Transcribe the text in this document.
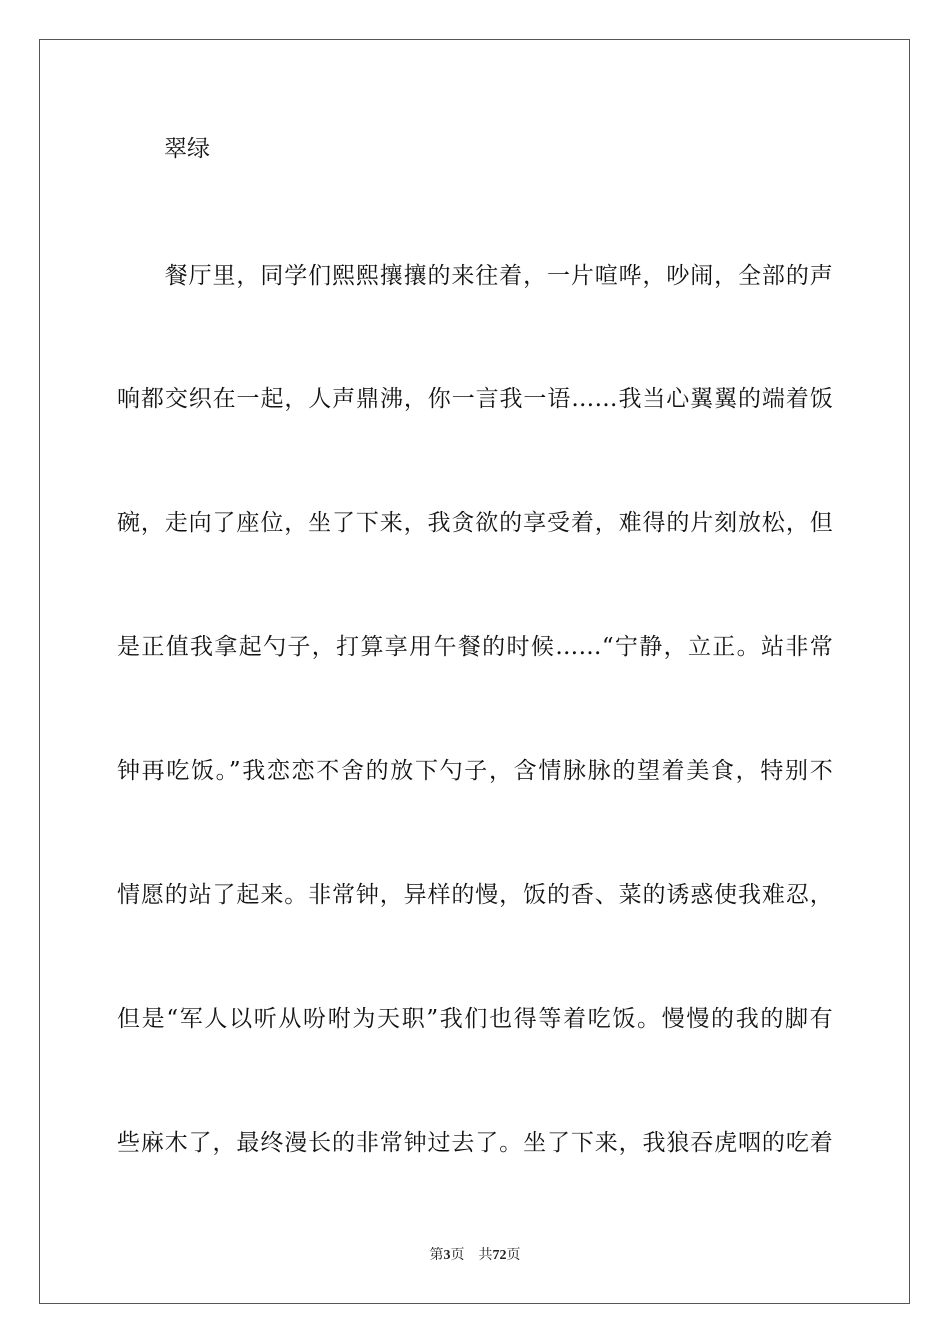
翠绿
　　餐厅里，同学们熙熙攘攘的来往着，一片喧哗，吵闹，全部的声
响都交织在一起，人声鼎沸，你一言我一语……我当心翼翼的端着饭
碗，走向了座位，坐了下来，我贪欲的享受着，难得的片刻放松，但
是正值我拿起勺子，打算享用午餐的时候……“宁静，立正。站非常
钟再吃饭。”我恋恋不舍的放下勺子，含情脉脉的望着美食，特别不
情愿的站了起来。非常钟，异样的慢，饭的香、菜的诱惑使我难忍，
但是“军人以听从吩咐为天职”我们也得等着吃饭。慢慢的我的脚有
些麻木了，最终漫长的非常钟过去了。坐了下来，我狼吞虎咽的吃着
第3页 共72页
